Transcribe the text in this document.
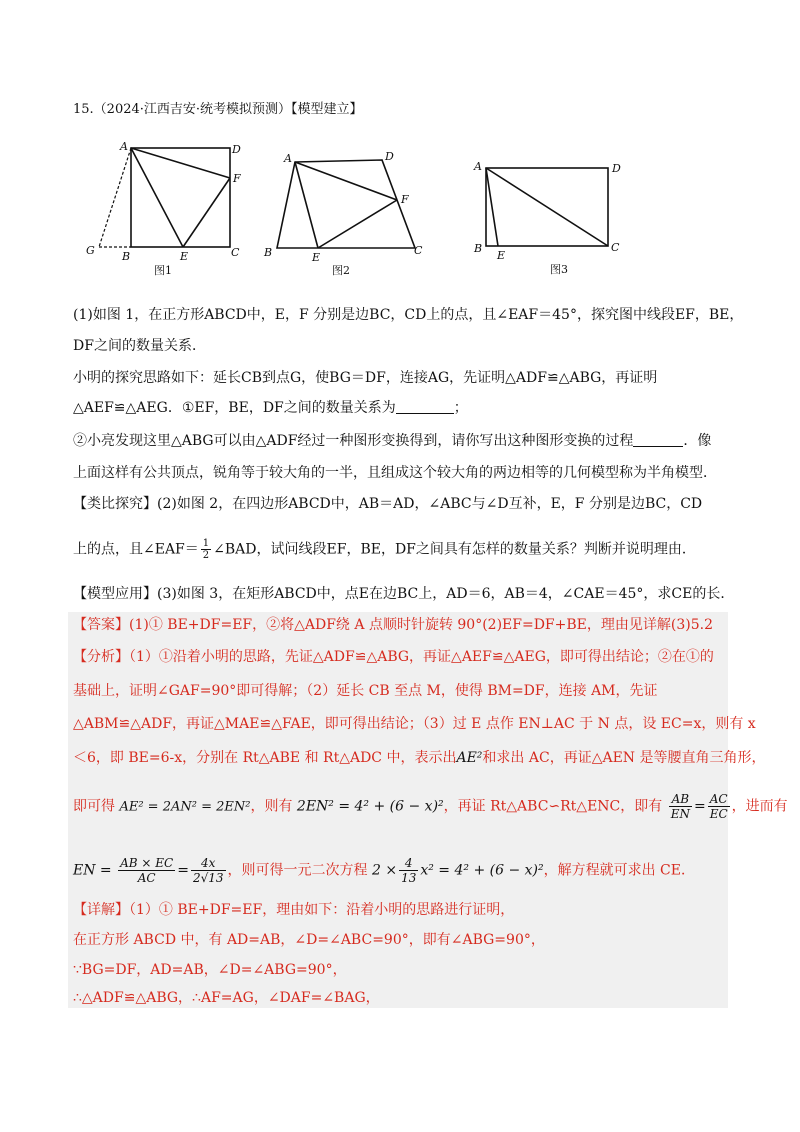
15.（2024·江西吉安·统考模拟预测）【模型建立】
A	D
F
G B	E	C
图1
A	D
F
B	E
C
图2
A	D
B
E
C
图3
(1)如图 1，在正方形ABCD中，E，F 分别是边BC，CD上的点，且∠EAF＝45°，探究图中线段EF，BE，
DF之间的数量关系．
小明的探究思路如下：延长CB到点G，使BG＝DF，连接AG，先证明△ADF≌△ABG，再证明
△AEF≌△AEG．①EF，BE，DF之间的数量关系为	；
②小亮发现这里△ABG可以由△ADF经过一种图形变换得到，请你写出这种图形变换的过程	．像
上面这样有公共顶点，锐角等于较大角的一半，且组成这个较大角的两边相等的几何模型称为半角模型．
【类比探究】(2)如图 2，在四边形ABCD中，AB＝AD，∠ABC与∠D互补，E，F 分别是边BC，CD
上的点，且∠EAF＝ $\frac{1}{2}$ ∠BAD，试问线段EF，BE，DF之间具有怎样的数量关系？判断并说明理由．
【模型应用】(3)如图 3，在矩形ABCD中，点E在边BC上，AD＝6，AB＝4，∠CAE＝45°，求CE的长．
【答案】(1)① BE+DF=EF，②将△ADF绕 A 点顺时针旋转 90°(2)EF=DF+BE，理由见详解(3)5.2
【分析】（1）①沿着小明的思路，先证△ADF≌△ABG，再证△AEF≌△AEG，即可得出结论；②在①的
基础上，证明∠GAF=90°即可得解；（2）延长 CB 至点 M，使得 BM=DF，连接 AM，先证
△ABM≌△ADF，再证△MAE≌△FAE，即可得出结论；（3）过 E 点作 EN⊥AC 于 N 点，设 EC=x，则有 x
＜6，即 BE=6-x，分别在 Rt△ABE 和 Rt△ADC 中，表示出AE²和求出 AC，再证△AEN 是等腰直角三角形，
即可得 AE² = 2AN² = 2EN²，则有 2EN² = 4² + (6 − x)²，再证 Rt△ABC∽Rt△ENC，即有 $\frac{AB}{EN} = \frac{AC}{EC}$ ，进而有
EN = $\frac{AB \times EC}{AC} = \frac{4x}{2√13}$ ，则可得一元二次方程 $2 \times \frac{4}{13} x^2 = 4^2 + (6 - x)^2$，解方程就可求出 CE．
【详解】（1）① BE+DF=EF，理由如下：沿着小明的思路进行证明，
在正方形 ABCD 中，有 AD=AB，∠D=∠ABC=90°，即有∠ABG=90°，
∵BG=DF，AD=AB，∠D=∠ABG=90°，
∴△ADF≌△ABG，∴AF=AG，∠DAF=∠BAG，
